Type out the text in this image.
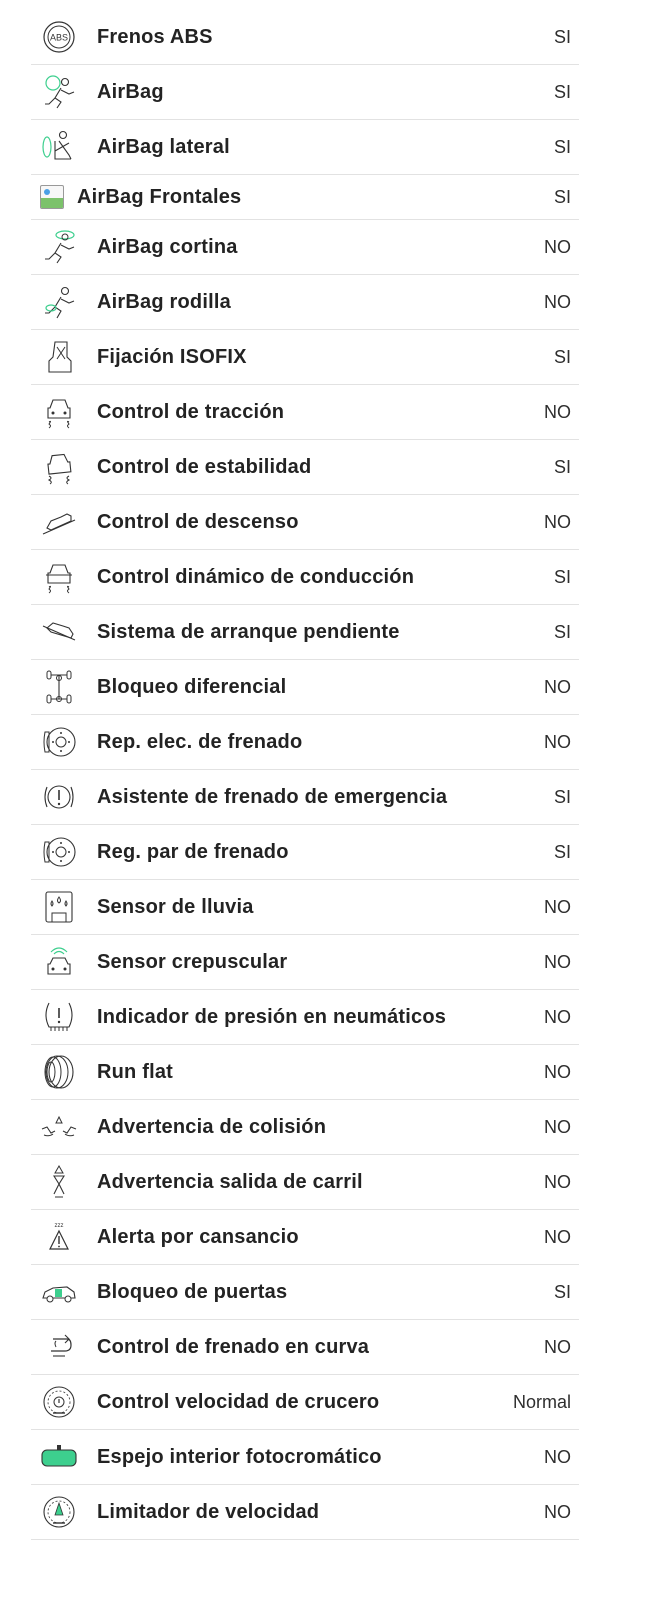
ABS Frenos ABS	SI
AirBag	SI
AirBag lateral	SI
AirBag Frontales	SI
AirBag cortina	NO
AirBag rodilla	NO
Fijación ISOFIX	SI
Control de tracción	NO
Control de estabilidad	SI
Control de descenso	NO
Control dinámico de conducción	SI
Sistema de arranque pendiente	SI
Bloqueo diferencial	NO
Rep. elec. de frenado	NO
Asistente de frenado de emergencia	SI
Reg. par de frenado	SI
Sensor de lluvia	NO
Sensor crepuscular	NO
Indicador de presión en neumáticos	NO
Run flat	NO
Advertencia de colisión	NO
Advertencia salida de carril	NO
zzz Alerta por cansancio	NO
Bloqueo de puertas	SI
Control de frenado en curva	NO
Control velocidad de crucero	Normal
Espejo interior fotocromático	NO
Limitador de velocidad	NO
